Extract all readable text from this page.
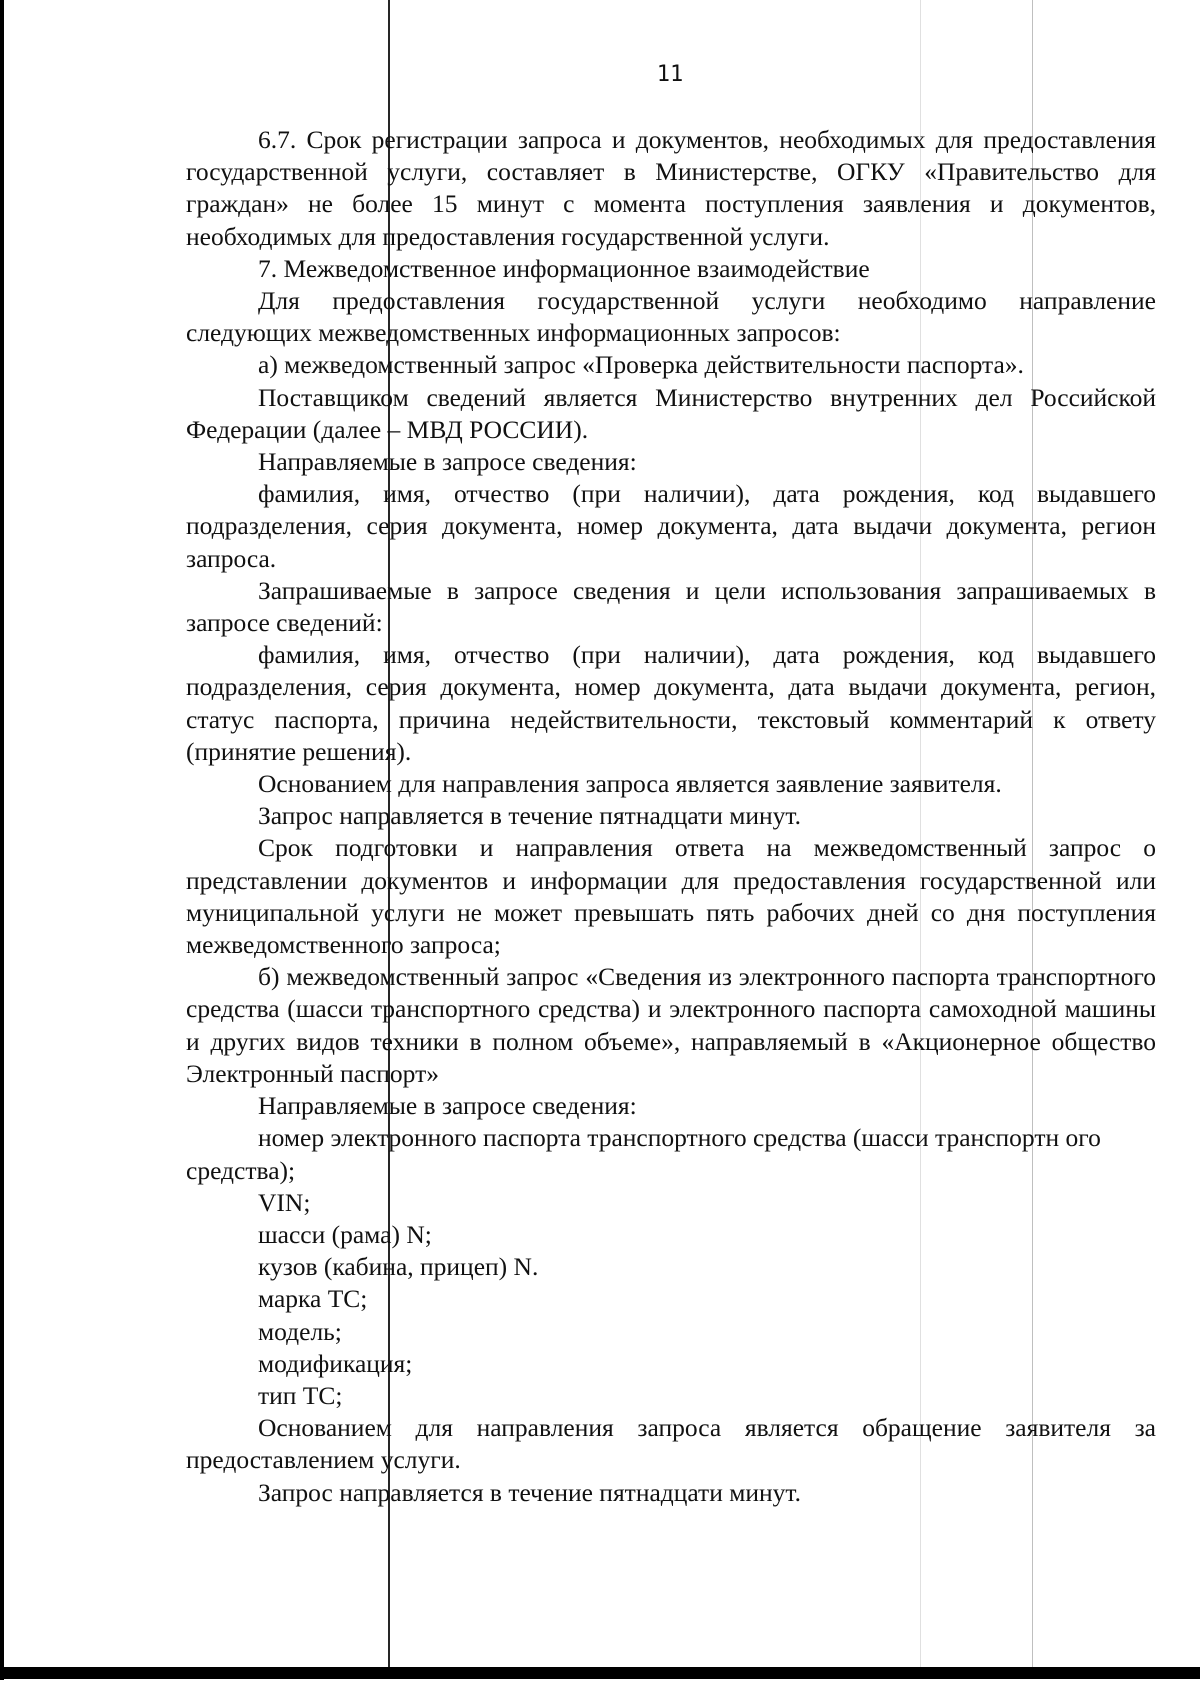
11

6.7. Срок регистрации запроса и документов, необходимых для предоставления государственной услуги, составляет в Министерстве, ОГКУ «Правительство для граждан» не более 15 минут с момента поступления заявления и документов, необходимых для предоставления государственной услуги.

7. Межведомственное информационное взаимодействие

Для предоставления государственной услуги необходимо направление следующих межведомственных информационных запросов:

а) межведомственный запрос «Проверка действительности паспорта».

Поставщиком сведений является Министерство внутренних дел Российской Федерации (далее – МВД РОССИИ).

Направляемые в запросе сведения:

фамилия, имя, отчество (при наличии), дата рождения, код выдавшего подразделения, серия документа, номер документа, дата выдачи документа, регион запроса.

Запрашиваемые в запросе сведения и цели использования запрашиваемых в запросе сведений:

фамилия, имя, отчество (при наличии), дата рождения, код выдавшего подразделения, серия документа, номер документа, дата выдачи документа, регион, статус паспорта, причина недействительности, текстовый комментарий к ответу (принятие решения).

Основанием для направления запроса является заявление заявителя.

Запрос направляется в течение пятнадцати минут.

Срок подготовки и направления ответа на межведомственный запрос о представлении документов и информации для предоставления государственной или муниципальной услуги не может превышать пять рабочих дней со дня поступления межведомственного запроса;

б) межведомственный запрос «Сведения из электронного паспорта транспортного средства (шасси транспортного средства) и электронного паспорта самоходной машины и других видов техники в полном объеме», направляемый в «Акционерное общество Электронный паспорт»

Направляемые в запросе сведения:

номер электронного паспорта транспортного средства (шасси транспортн ого средства);

VIN;

шасси (рама) N;

кузов (кабина, прицеп) N.

марка ТС;

модель;

модификация;

тип ТС;

Основанием для направления запроса является обращение заявителя за предоставлением услуги.

Запрос направляется в течение пятнадцати минут.
